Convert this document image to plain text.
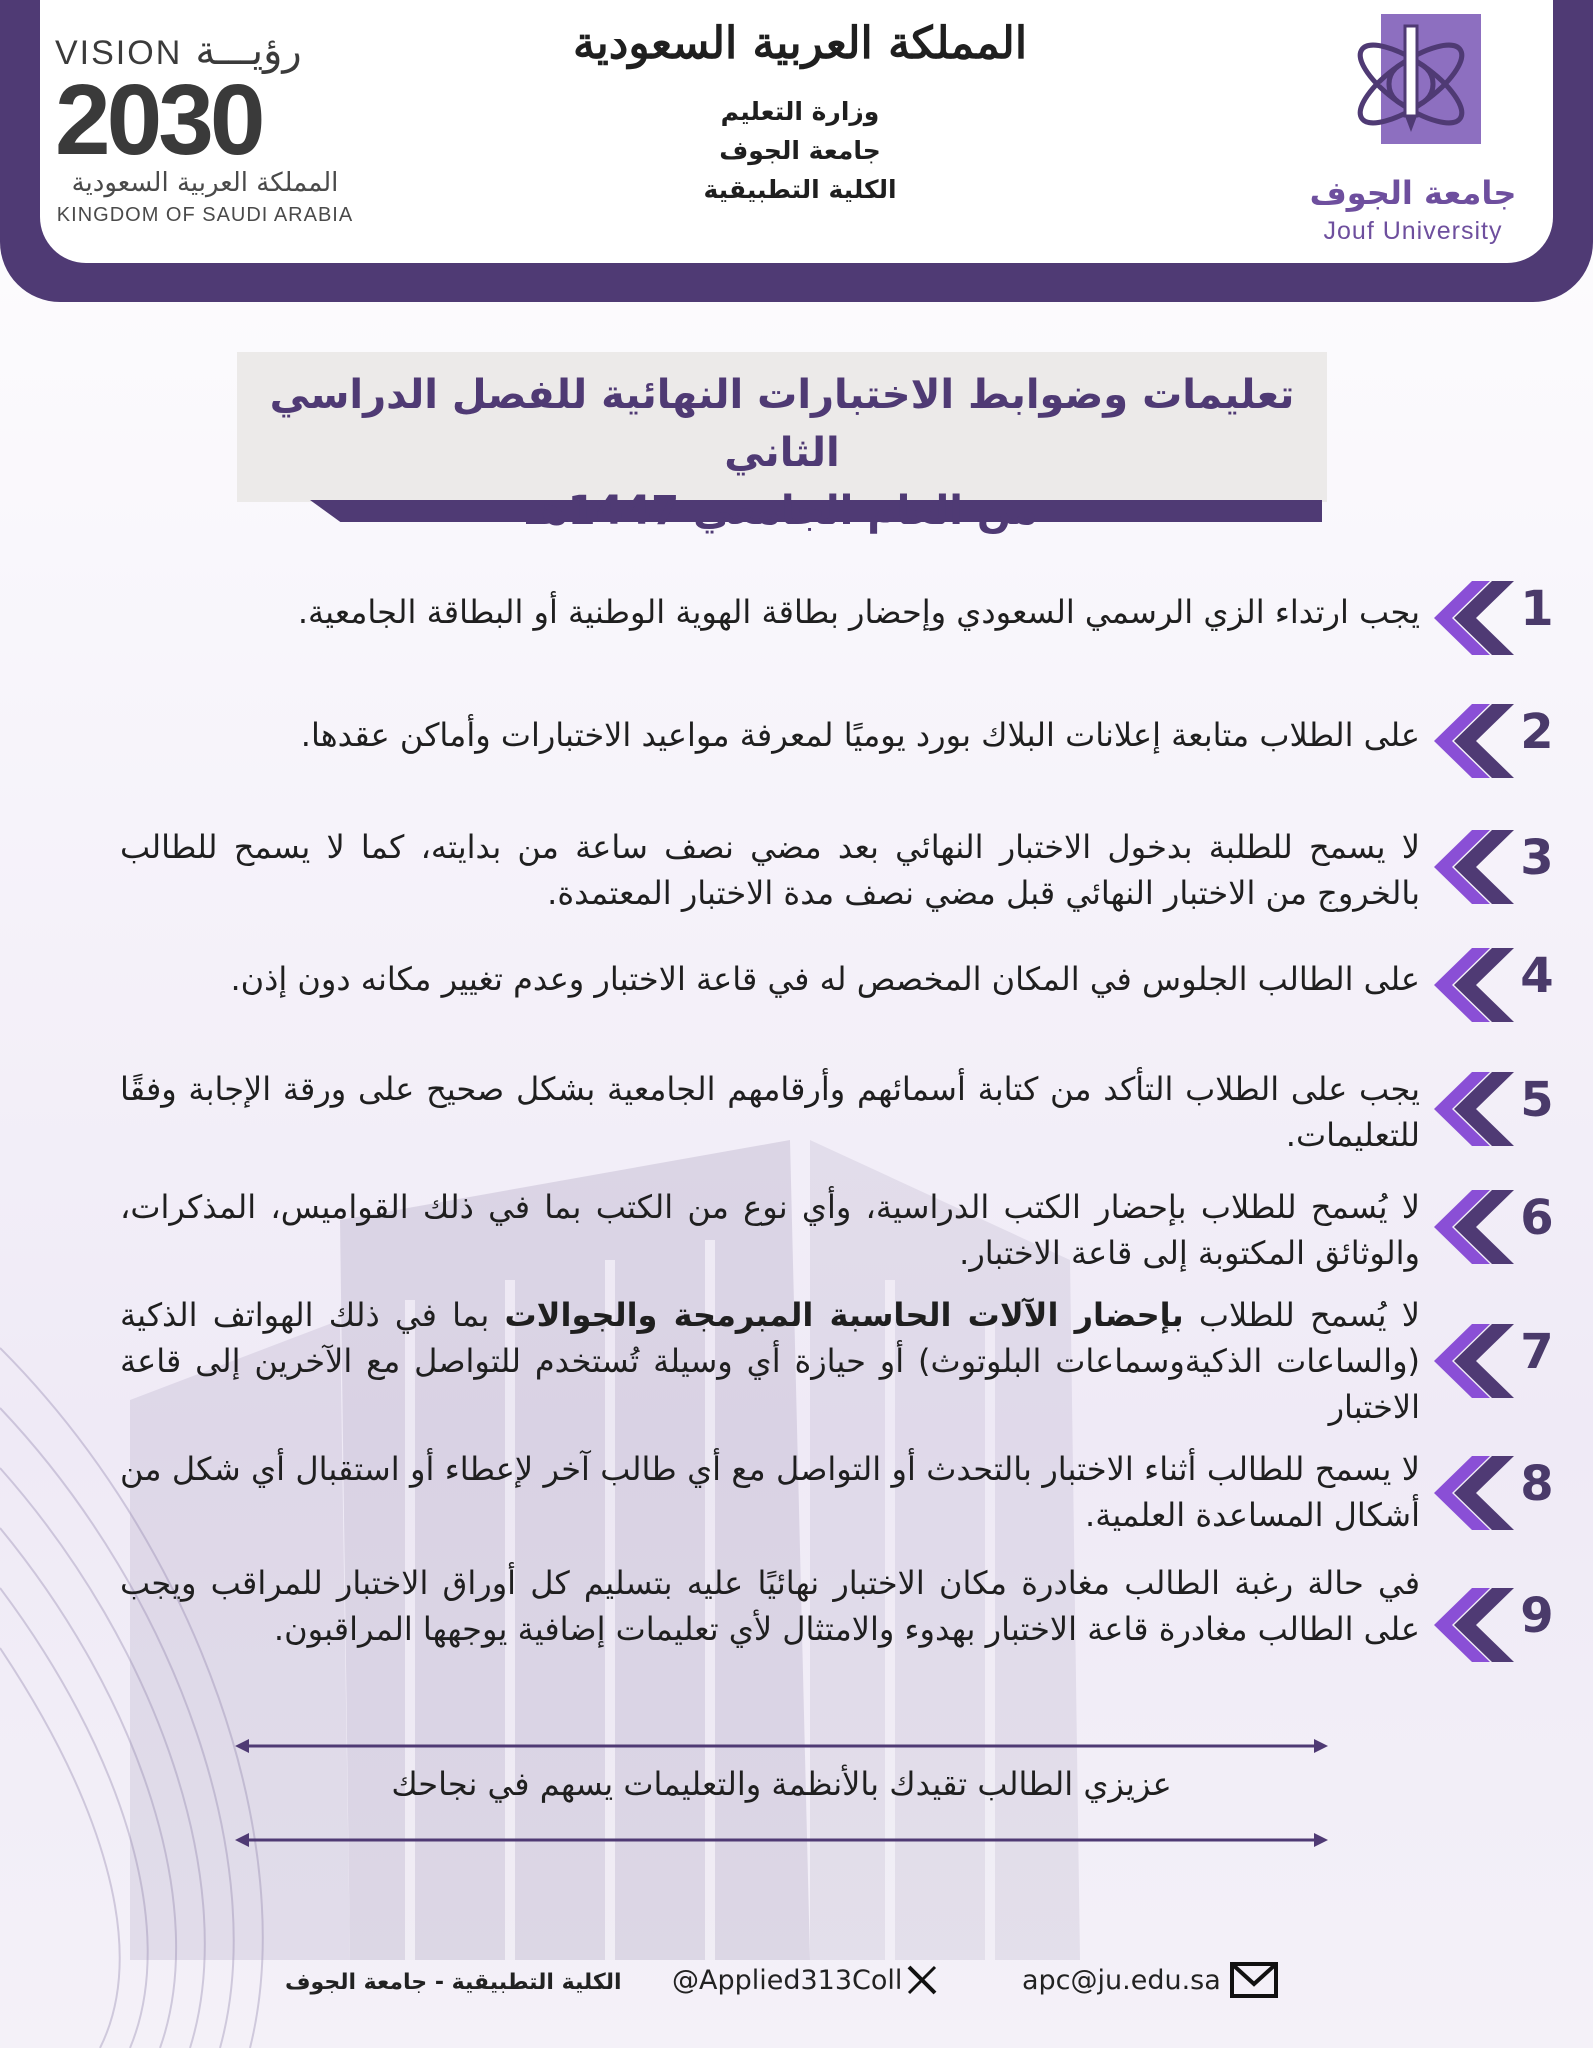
VISION رؤيـــة
2030
المملكة العربية السعودية
KINGDOM OF SAUDI ARABIA
المملكة العربية السعودية
وزارة التعليم
جامعة الجوف
الكلية التطبيقية	جامعة الجوف
Jouf University
تعليمات وضوابط الاختبارات النهائية للفصل الدراسي الثاني
من العام الجامعي 1447هـ
يجب ارتداء الزي الرسمي السعودي وإحضار بطاقة الهوية الوطنية أو البطاقة الجامعية. 1
على الطلاب متابعة إعلانات البلاك بورد يوميًا لمعرفة مواعيد الاختبارات وأماكن عقدها. 2
لا يسمح للطلبة بدخول الاختبار النهائي بعد مضي نصف ساعة من بدايته، كما لا يسمح للطالب بالخروج من الاختبار النهائي قبل مضي نصف مدة الاختبار المعتمدة.
3
على الطالب الجلوس في المكان المخصص له في قاعة الاختبار وعدم تغيير مكانه دون إذن. 4
يجب على الطلاب التأكد من كتابة أسمائهم وأرقامهم الجامعية بشكل صحيح على ورقة الإجابة وفقًا للتعليمات.
5
لا يُسمح للطلاب بإحضار الكتب الدراسية، وأي نوع من الكتب بما في ذلك القواميس، المذكرات، والوثائق المكتوبة إلى قاعة الاختبار.
6
لا يُسمح للطلاب بإحضار الآلات الحاسبة المبرمجة والجوالات بما في ذلك الهواتف الذكية (والساعات الذكيةوسماعات البلوتوث) أو حيازة أي وسيلة تُستخدم للتواصل مع الآخرين إلى قاعة الاختبار
7
لا يسمح للطالب أثناء الاختبار بالتحدث أو التواصل مع أي طالب آخر لإعطاء أو استقبال أي شكل من أشكال المساعدة العلمية.
8
في حالة رغبة الطالب مغادرة مكان الاختبار نهائيًا عليه بتسليم كل أوراق الاختبار للمراقب ويجب على الطالب مغادرة قاعة الاختبار بهدوء والامتثال لأي تعليمات إضافية يوجهها المراقبون. 9
عزيزي الطالب تقيدك بالأنظمة والتعليمات يسهم في نجاحك
apc@ju.edu.sa
@Applied313Coll
الكلية التطبيقية - جامعة الجوف
